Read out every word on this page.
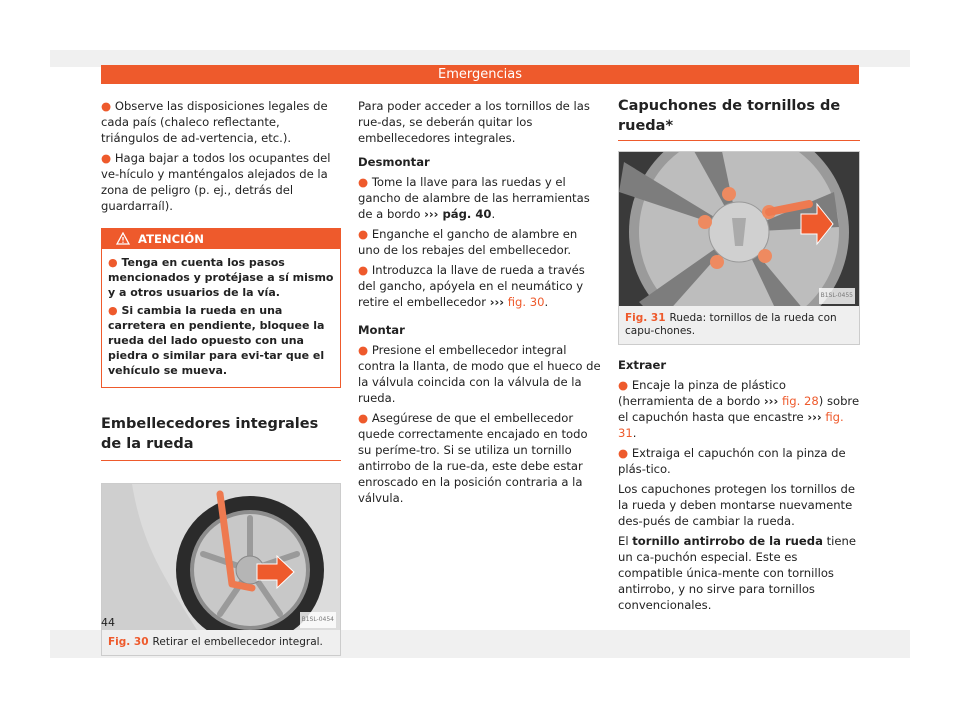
Emergencias

● Observe las disposiciones legales de cada país (chaleco reflectante, triángulos de ad-vertencia, etc.).

● Haga bajar a todos los ocupantes del ve-hículo y manténgalos alejados de la zona de peligro (p. ej., detrás del guardarraíl).

ATENCIÓN

● Tenga en cuenta los pasos mencionados y protéjase a sí mismo y a otros usuarios de la vía.

● Si cambia la rueda en una carretera en pendiente, bloquee la rueda del lado opuesto con una piedra o similar para evi-tar que el vehículo se mueva.

Embellecedores integrales de la rueda
B1SL-0454
Fig. 30 Retirar el embellecedor integral.

Para poder acceder a los tornillos de las rue-das, se deberán quitar los embellecedores integrales.

Desmontar

● Tome la llave para las ruedas y el gancho de alambre de las herramientas de a bordo ››› pág. 40.

● Enganche el gancho de alambre en uno de los rebajes del embellecedor.

● Introduzca la llave de rueda a través del gancho, apóyela en el neumático y retire el embellecedor ››› fig. 30.

Montar

● Presione el embellecedor integral contra la llanta, de modo que el hueco de la válvula coincida con la válvula de la rueda.

● Asegúrese de que el embellecedor quede correctamente encajado en todo su períme-tro. Si se utiliza un tornillo antirrobo de la rue-da, este debe estar enroscado en la posición contraria a la válvula.

Capuchones de tornillos de rueda*
B1SL-0455
Fig. 31 Rueda: tornillos de la rueda con capu-chones.
Extraer

● Encaje la pinza de plástico (herramienta de a bordo ››› fig. 28) sobre el capuchón hasta que encastre ››› fig. 31.

● Extraiga el capuchón con la pinza de plás-tico.

Los capuchones protegen los tornillos de la rueda y deben montarse nuevamente des-pués de cambiar la rueda.

El tornillo antirrobo de la rueda tiene un ca-puchón especial. Este es compatible única-mente con tornillos antirrobo, y no sirve para tornillos convencionales.

44
